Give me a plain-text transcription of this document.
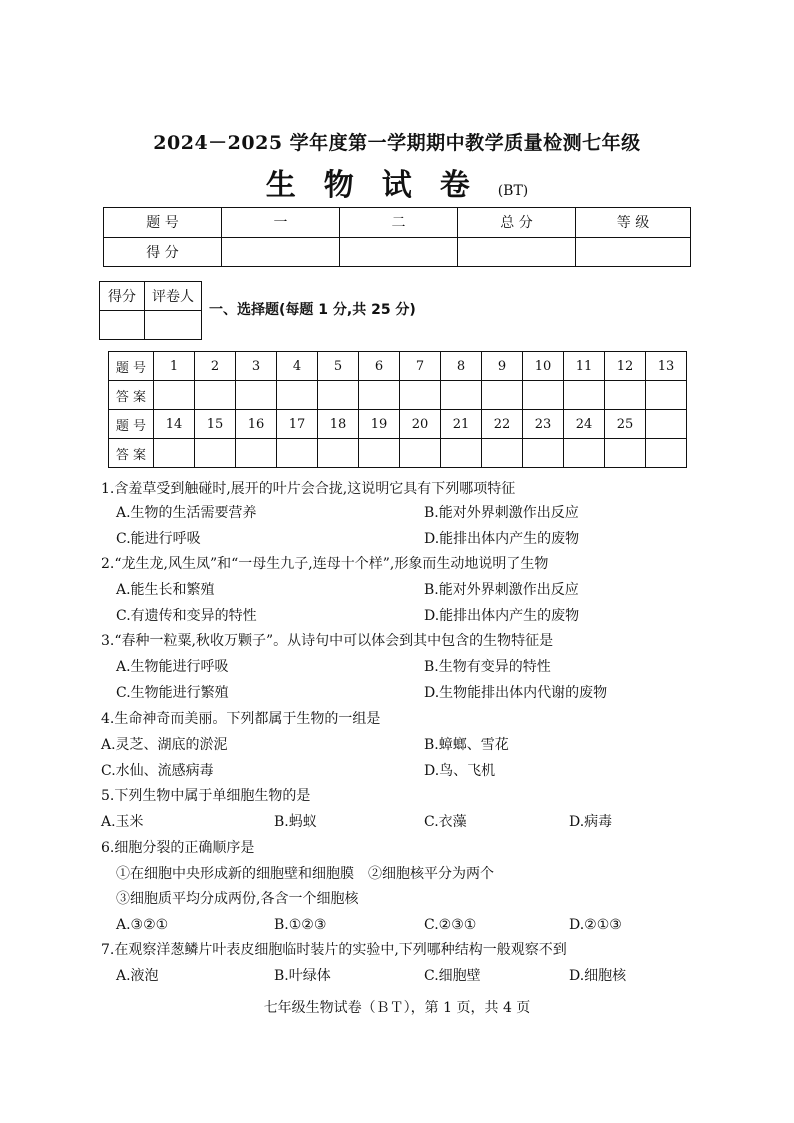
2024－2025 学年度第一学期期中教学质量检测七年级
生物试卷(BT)
题 号	一	二	总 分	等 级
得 分				
得分	评卷人

一、选择题(每题 1 分,共 25 分)
题 号	1	2	3	4	5	6	7	8	9	10	11	12	13
答 案													
题 号	14	15	16	17	18	19	20	21	22	23	24	25	
答 案													
1.含羞草受到触碰时,展开的叶片会合拢,这说明它具有下列哪项特征
A.生物的生活需要营养	B.能对外界刺激作出反应
C.能进行呼吸	D.能排出体内产生的废物
2.“龙生龙,风生凤”和“一母生九子,连母十个样”,形象而生动地说明了生物
A.能生长和繁殖	B.能对外界刺激作出反应
C.有遗传和变异的特性	D.能排出体内产生的废物
3.“春种一粒粟,秋收万颗子”。从诗句中可以体会到其中包含的生物特征是
A.生物能进行呼吸	B.生物有变异的特性
C.生物能进行繁殖	D.生物能排出体内代谢的废物
4.生命神奇而美丽。下列都属于生物的一组是
A.灵芝、湖底的淤泥	B.蟑螂、雪花
C.水仙、流感病毒	D.鸟、飞机
5.下列生物中属于单细胞生物的是
A.玉米	B.蚂蚁	C.衣藻	D.病毒
6.细胞分裂的正确顺序是
①在细胞中央形成新的细胞壁和细胞膜　②细胞核平分为两个
③细胞质平均分成两份,各含一个细胞核
A.③②①	B.①②③	C.②③①	D.②①③
7.在观察洋葱鳞片叶表皮细胞临时装片的实验中,下列哪种结构一般观察不到
A.液泡	B.叶绿体	C.细胞壁	D.细胞核
七年级生物试卷（ＢＴ），第 1 页，共 4 页
